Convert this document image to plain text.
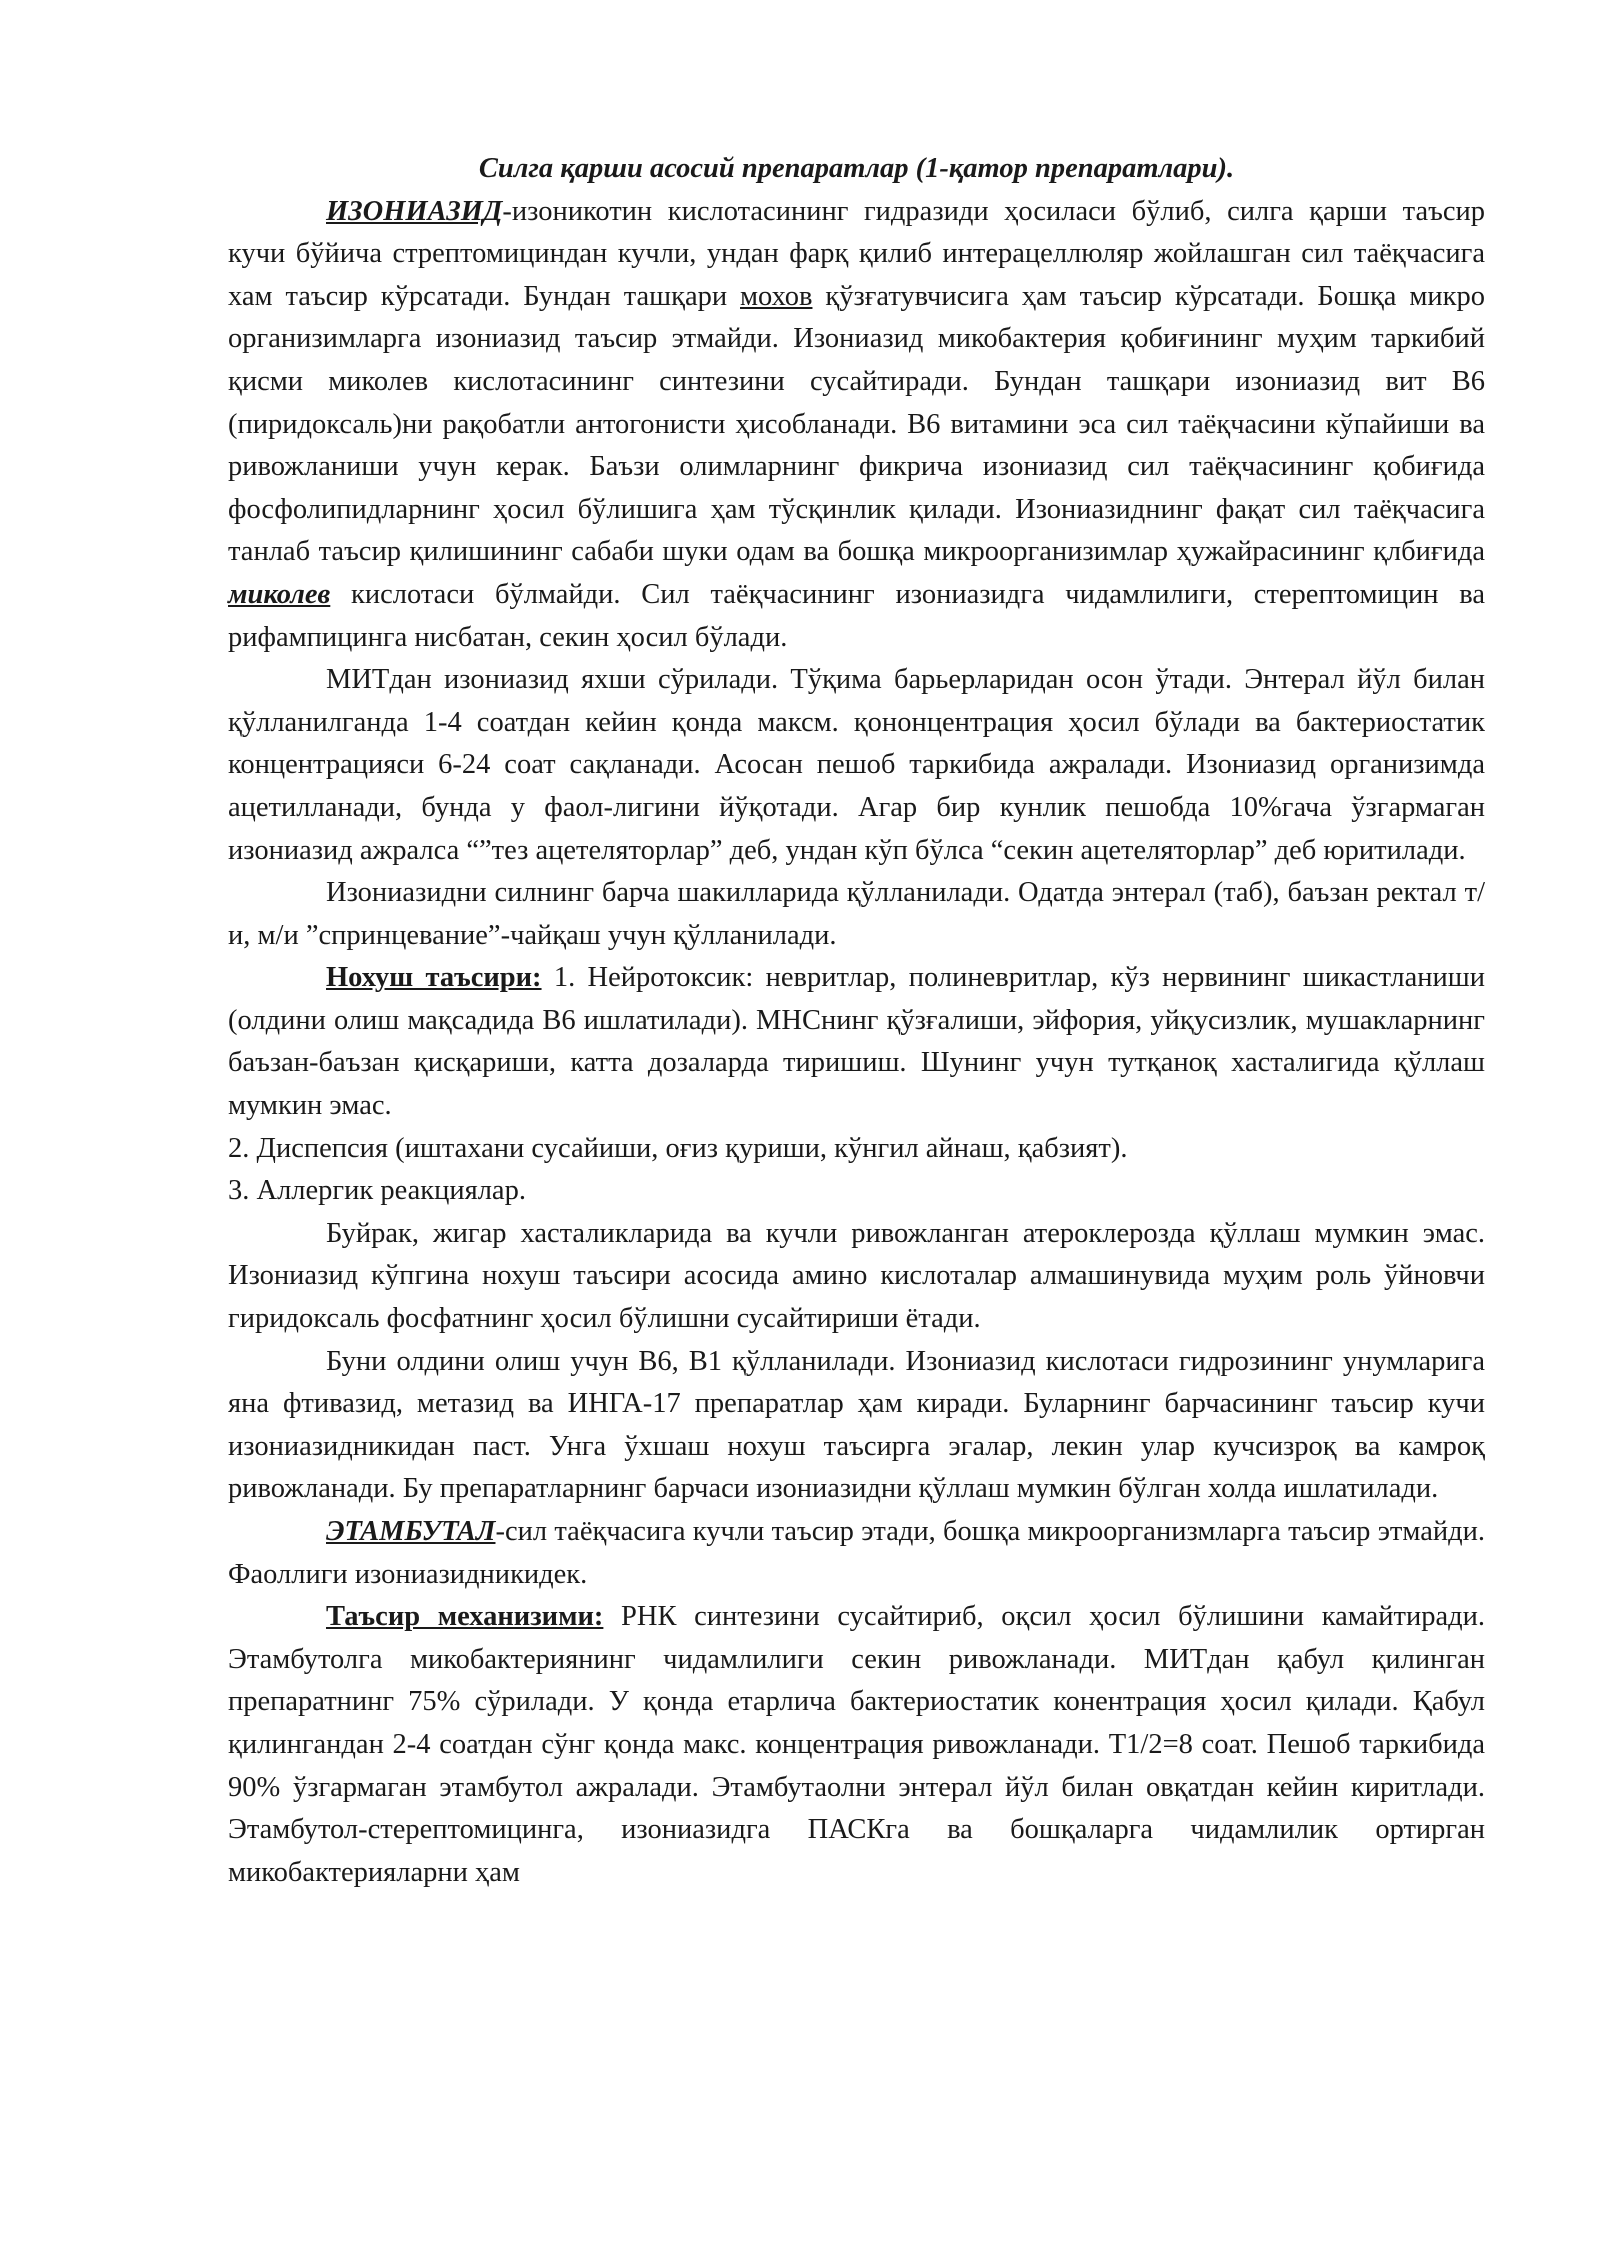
Силга қарши асосий препаратлар (1-қатор препаратлари).

ИЗОНИАЗИД-изоникотин кислотасининг гидразиди ҳосиласи бўлиб, силга қарши таъсир кучи бўйича стрептомициндан кучли, ундан фарқ қилиб интерацеллюляр жойлашган сил таёқчасига хам таъсир кўрсатади. Бундан ташқари мохов қўзғатувчисига ҳам таъсир кўрсатади. Бошқа микро организимларга изониазид таъсир этмайди. Изониазид микобактерия қобиғининг муҳим таркибий қисми миколев кислотасининг синтезини сусайтиради. Бундан ташқари изониазид вит В6 (пиридоксаль)ни рақобатли антогонисти ҳисобланади. В6 витамини эса сил таёқчасини кўпайиши ва ривожланиши учун керак. Баъзи олимларнинг фикрича изониазид сил таёқчасининг қобиғида фосфолипидларнинг ҳосил бўлишига ҳам тўсқинлик қилади. Изониазиднинг фақат сил таёқчасига танлаб таъсир қилишининг сабаби шуки одам ва бошқа микроорганизимлар ҳужайрасининг қлбиғида миколев кислотаси бўлмайди. Сил таёқчасининг изониазидга чидамлилиги, стерептомицин ва рифампицинга нисбатан, секин ҳосил бўлади.

МИТдан изониазид яхши сўрилади. Тўқима барьерларидан осон ўтади. Энтерал йўл билан қўлланилганда 1-4 соатдан кейин қонда максм. қононцентрация ҳосил бўлади ва бактериостатик концентрацияси 6-24 соат сақланади. Асосан пешоб таркибида ажралади. Изониазид организимда ацетилланади, бунда у фаол-лигини йўқотади. Агар бир кунлик пешобда 10%гача ўзгармаган изониазид ажралса “”тез ацетеляторлар” деб, ундан кўп бўлса “секин ацетеляторлар” деб юритилади.

Изониазидни силнинг барча шакилларида қўлланилади. Одатда энтерал (таб), баъзан ректал т/и, м/и ”спринцевание”-чайқаш учун қўлланилади.

Нохуш таъсири: 1. Нейротоксик: невритлар, полиневритлар, кўз нервининг шикастланиши (олдини олиш мақсадида В6 ишлатилади). МНСнинг қўзғалиши, эйфория, уйқусизлик, мушакларнинг баъзан-баъзан қисқариши, катта дозаларда тиришиш. Шунинг учун тутқаноқ хасталигида қўллаш мумкин эмас.

2. Диспепсия (иштахани сусайиши, оғиз қуриши, кўнгил айнаш, қабзият).

3. Аллергик реакциялар.

Буйрак, жигар хасталикларида ва кучли ривожланган атероклерозда қўллаш мумкин эмас. Изониазид кўпгина нохуш таъсири асосида амино кислоталар алмашинувида муҳим роль ўйновчи гиридоксаль фосфатнинг ҳосил бўлишни сусайтириши ётади.

Буни олдини олиш учун В6, В1 қўлланилади. Изониазид кислотаси гидрозининг унумларига яна фтивазид, метазид ва ИНГА-17 препаратлар ҳам киради. Буларнинг барчасининг таъсир кучи изониазидникидан паст. Унга ўхшаш нохуш таъсирга эгалар, лекин улар кучсизроқ ва камроқ ривожланади. Бу препаратларнинг барчаси изониазидни қўллаш мумкин бўлган холда ишлатилади.

ЭТАМБУТАЛ-сил таёқчасига кучли таъсир этади, бошқа микроорганизмларга таъсир этмайди. Фаоллиги изониазидникидек.

Таъсир механизими: РНК синтезини сусайтириб, оқсил ҳосил бўлишини камайтиради. Этамбутолга микобактериянинг чидамлилиги секин ривожланади. МИТдан қабул қилинган препаратнинг 75% сўрилади. У қонда етарлича бактериостатик конентрация ҳосил қилади. Қабул қилингандан 2-4 соатдан сўнг қонда макс. концентрация ривожланади. Т1/2=8 соат. Пешоб таркибида 90% ўзгармаган этамбутол ажралади. Этамбутаолни энтерал йўл билан овқатдан кейин киритлади. Этамбутол-стерептомицинга, изониазидга ПАСКга ва бошқаларга чидамлилик ортирган микобактерияларни ҳам
